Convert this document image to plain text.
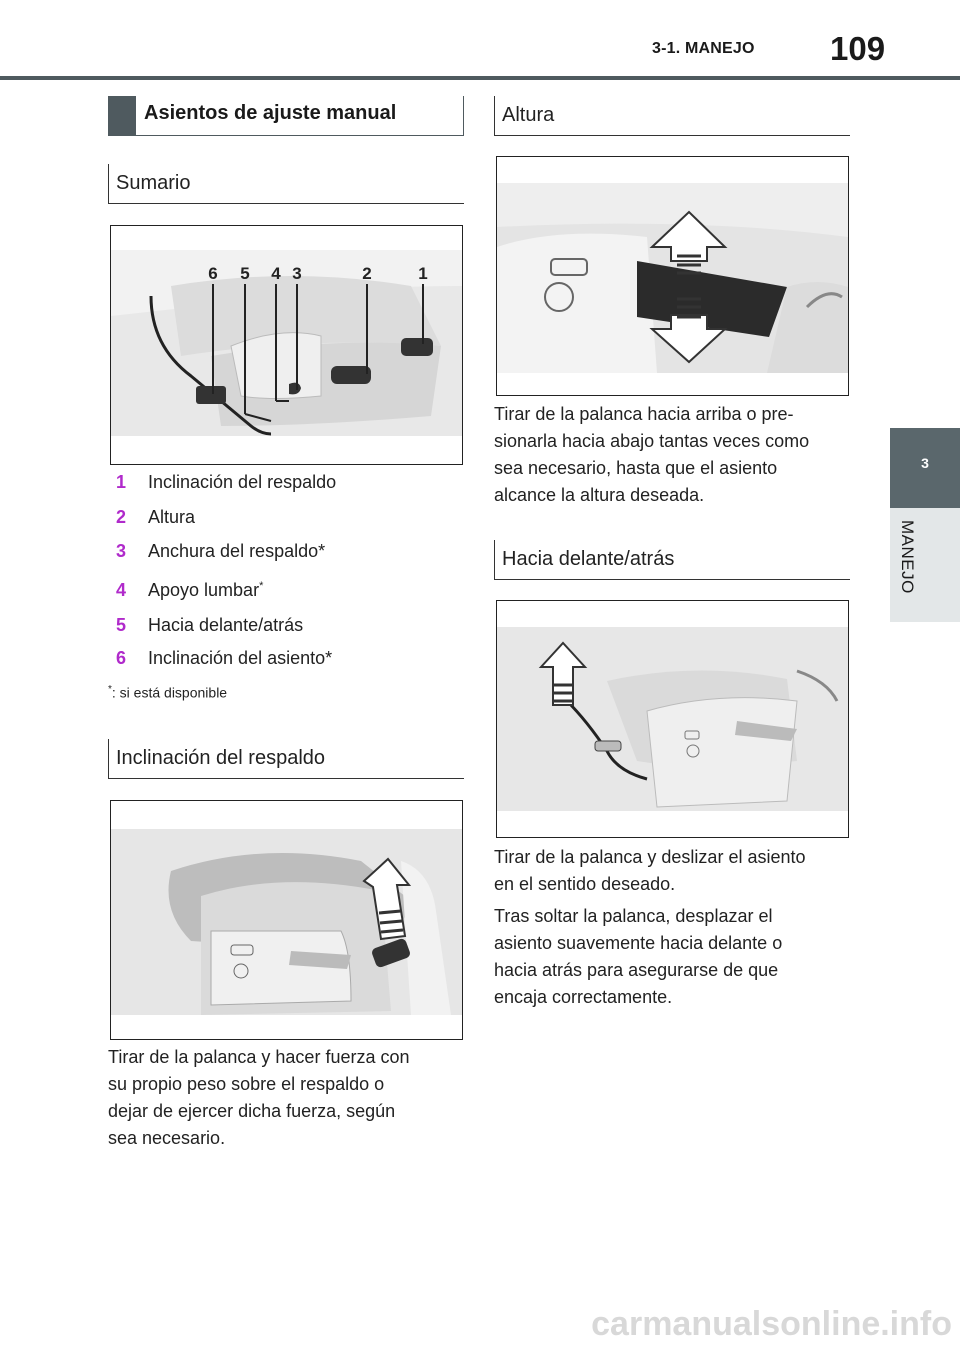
3-1. MANEJO 109
3
MANEJO
Asientos de ajuste manual
Sumario
6 5 4 3	2	1
1 Inclinación del respaldo
2 Altura
3 Anchura del respaldo*
4 Apoyo lumbar*
5 Hacia delante/atrás
6 Inclinación del asiento*
*: si está disponible
Inclinación del respaldo
Tirar de la palanca y hacer fuerza con
su propio peso sobre el respaldo o
dejar de ejercer dicha fuerza, según
sea necesario.
Altura
Tirar de la palanca hacia arriba o pre-
sionarla hacia abajo tantas veces como
sea necesario, hasta que el asiento
alcance la altura deseada.
Hacia delante/atrás
Tirar de la palanca y deslizar el asiento
en el sentido deseado.
Tras soltar la palanca, desplazar el
asiento suavemente hacia delante o
hacia atrás para asegurarse de que
encaja correctamente.
carmanualsonline.info
